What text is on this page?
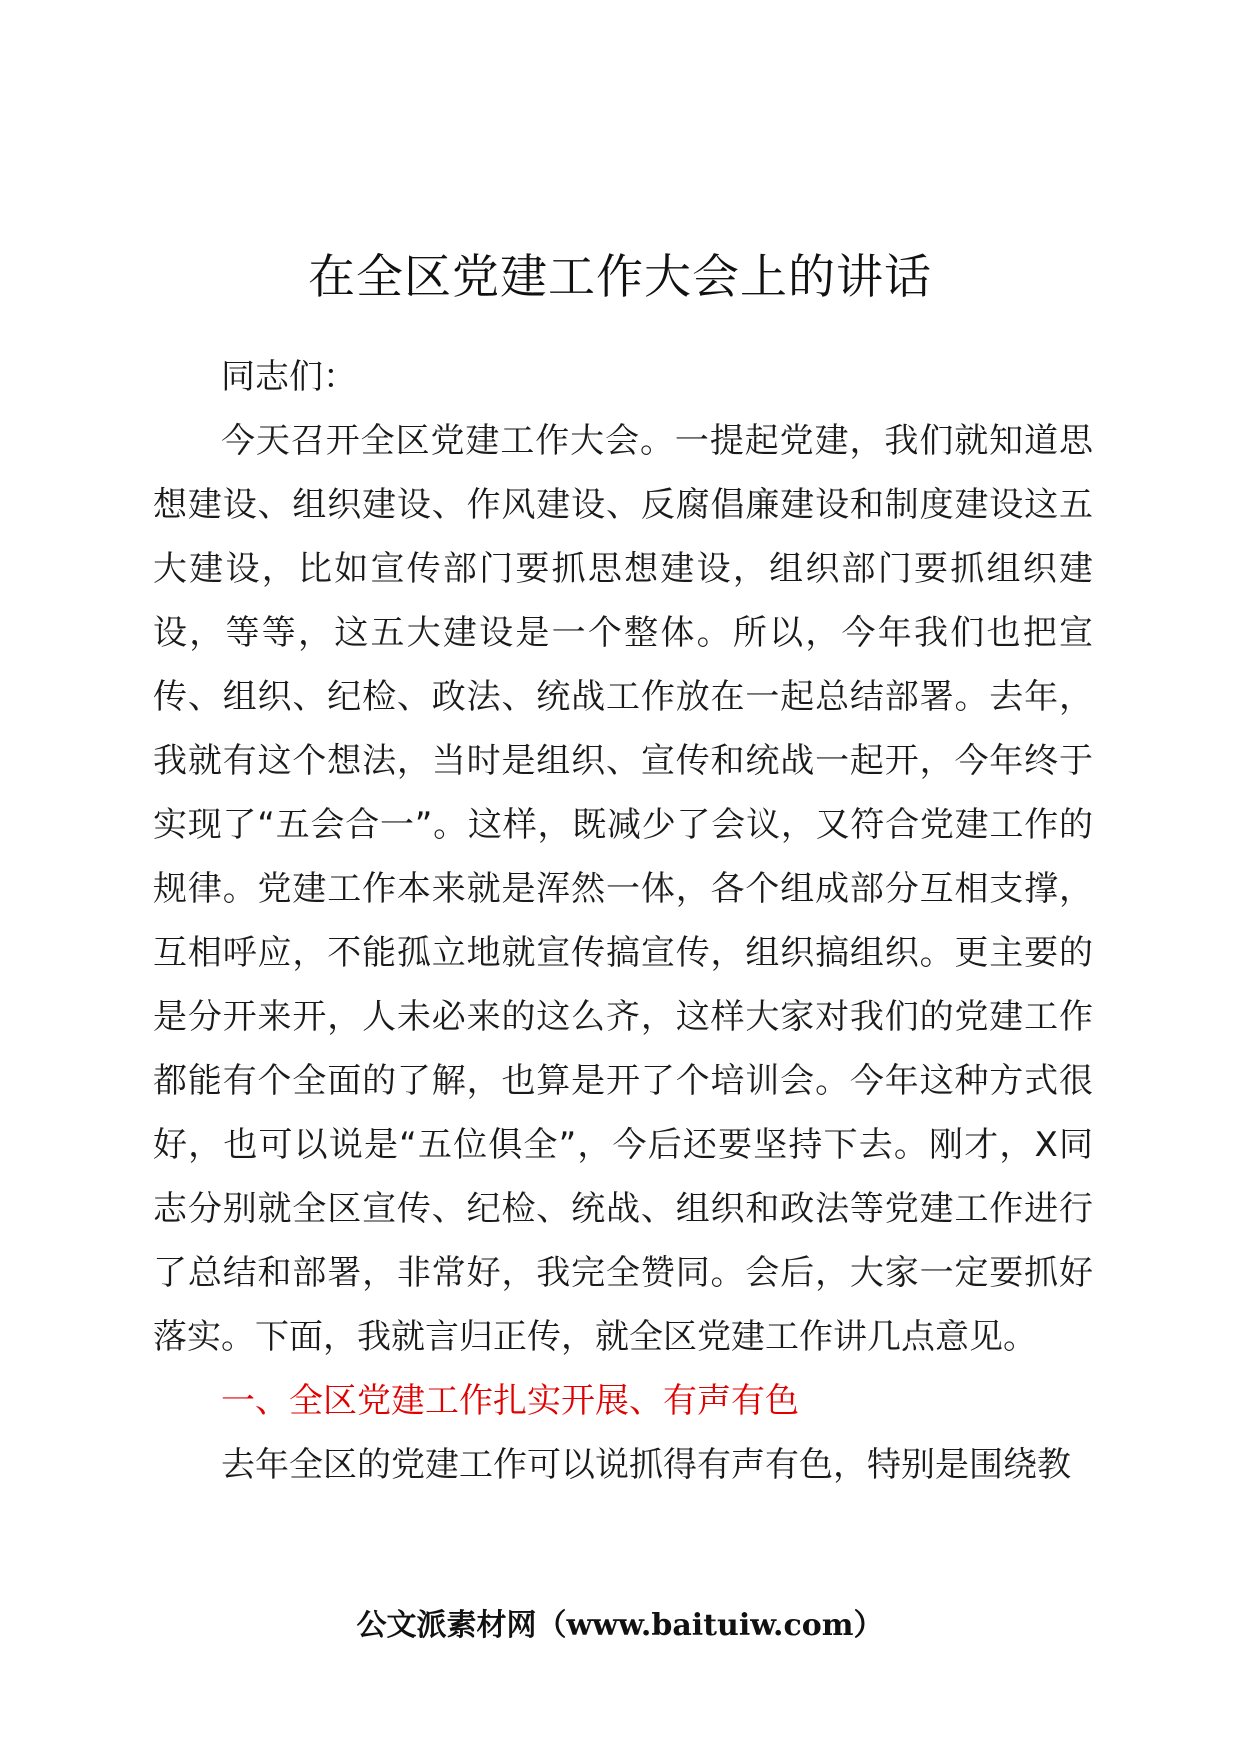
在全区党建工作大会上的讲话

同志们：

今天召开全区党建工作大会。一提起党建，我们就知道思想建设、组织建设、作风建设、反腐倡廉建设和制度建设这五大建设，比如宣传部门要抓思想建设，组织部门要抓组织建设，等等，这五大建设是一个整体。所以，今年我们也把宣传、组织、纪检、政法、统战工作放在一起总结部署。去年，我就有这个想法，当时是组织、宣传和统战一起开，今年终于实现了“五会合一”。这样，既减少了会议，又符合党建工作的规律。党建工作本来就是浑然一体，各个组成部分互相支撑，互相呼应，不能孤立地就宣传搞宣传，组织搞组织。更主要的是分开来开，人未必来的这么齐，这样大家对我们的党建工作都能有个全面的了解，也算是开了个培训会。今年这种方式很好，也可以说是“五位俱全”，今后还要坚持下去。刚才，X同志分别就全区宣传、纪检、统战、组织和政法等党建工作进行了总结和部署，非常好，我完全赞同。会后，大家一定要抓好落实。下面，我就言归正传，就全区党建工作讲几点意见。

一、全区党建工作扎实开展、有声有色

去年全区的党建工作可以说抓得有声有色，特别是围绕教

公文派素材网（www.baituiw.com）
